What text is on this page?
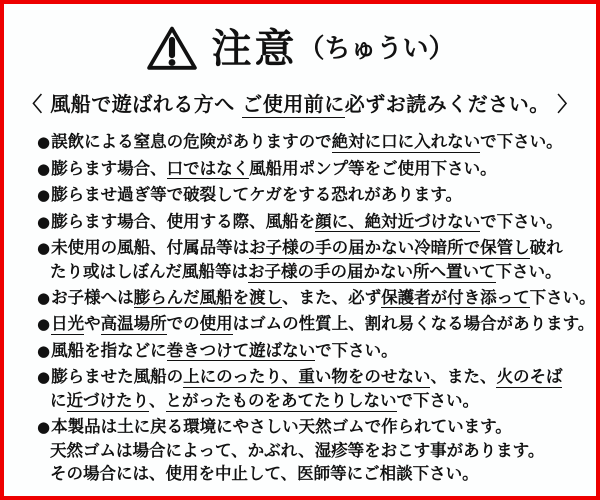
注意 （ちゅうい）
〈 風船で遊ばれる方へ ご使用前に必ずお読みください。 〉
●誤飲による窒息の危険がありますので絶対に口に入れないで下さい。
●膨らます場合、口ではなく風船用ポンプ等をご使用下さい。
●膨らませ過ぎ等で破裂してケガをする恐れがあります。
●膨らます場合、使用する際、風船を顔に、絶対近づけないで下さい。
●未使用の風船、付属品等はお子様の手の届かない冷暗所で保管し破れ
たり或はしぼんだ風船等はお子様の手の届かない所へ置いて下さい。
●お子様へは膨らんだ風船を渡し、また、必ず保護者が付き添って下さい。
●日光や高温場所での使用はゴムの性質上、割れ易くなる場合があります。
●風船を指などに巻きつけて遊ばないで下さい。
●膨らませた風船の上にのったり、重い物をのせない、また、火のそば
に近づけたり、とがったものをあてたりしないで下さい。
●本製品は土に戻る環境にやさしい天然ゴムで作られています。
天然ゴムは場合によって、かぶれ、湿疹等をおこす事があります。
その場合には、使用を中止して、医師等にご相談下さい。
